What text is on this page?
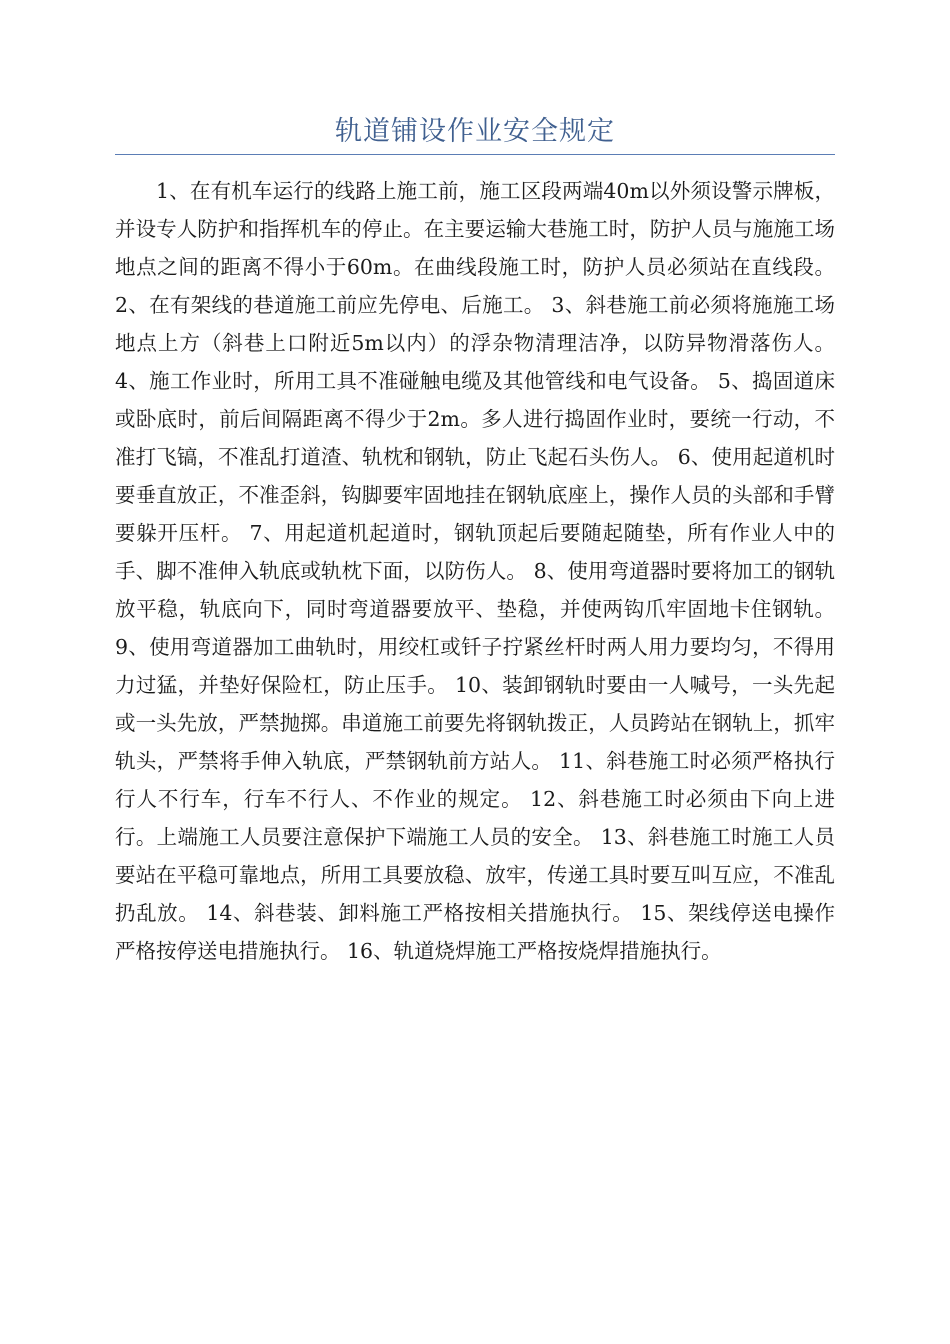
轨道铺设作业安全规定

1、在有机车运行的线路上施工前，施工区段两端40m以外须设警示牌板，并设专人防护和指挥机车的停止。在主要运输大巷施工时，防护人员与施施工场地点之间的距离不得小于60m。在曲线段施工时，防护人员必须站在直线段。 2、在有架线的巷道施工前应先停电、后施工。 3、斜巷施工前必须将施施工场地点上方（斜巷上口附近5m以内）的浮杂物清理洁净，以防异物滑落伤人。 4、施工作业时，所用工具不准碰触电缆及其他管线和电气设备。 5、捣固道床或卧底时，前后间隔距离不得少于2m。多人进行捣固作业时，要统一行动，不准打飞镐，不准乱打道渣、轨枕和钢轨，防止飞起石头伤人。 6、使用起道机时要垂直放正，不准歪斜，钩脚要牢固地挂在钢轨底座上，操作人员的头部和手臂要躲开压杆。 7、用起道机起道时，钢轨顶起后要随起随垫，所有作业人中的手、脚不准伸入轨底或轨枕下面，以防伤人。 8、使用弯道器时要将加工的钢轨放平稳，轨底向下，同时弯道器要放平、垫稳，并使两钩爪牢固地卡住钢轨。 9、使用弯道器加工曲轨时，用绞杠或钎子拧紧丝杆时两人用力要均匀，不得用力过猛，并垫好保险杠，防止压手。 10、装卸钢轨时要由一人喊号，一头先起或一头先放，严禁抛掷。串道施工前要先将钢轨拨正，人员跨站在钢轨上，抓牢轨头，严禁将手伸入轨底，严禁钢轨前方站人。 11、斜巷施工时必须严格执行行人不行车，行车不行人、不作业的规定。 12、斜巷施工时必须由下向上进行。上端施工人员要注意保护下端施工人员的安全。 13、斜巷施工时施工人员要站在平稳可靠地点，所用工具要放稳、放牢，传递工具时要互叫互应，不准乱扔乱放。 14、斜巷装、卸料施工严格按相关措施执行。 15、架线停送电操作严格按停送电措施执行。 16、轨道烧焊施工严格按烧焊措施执行。
